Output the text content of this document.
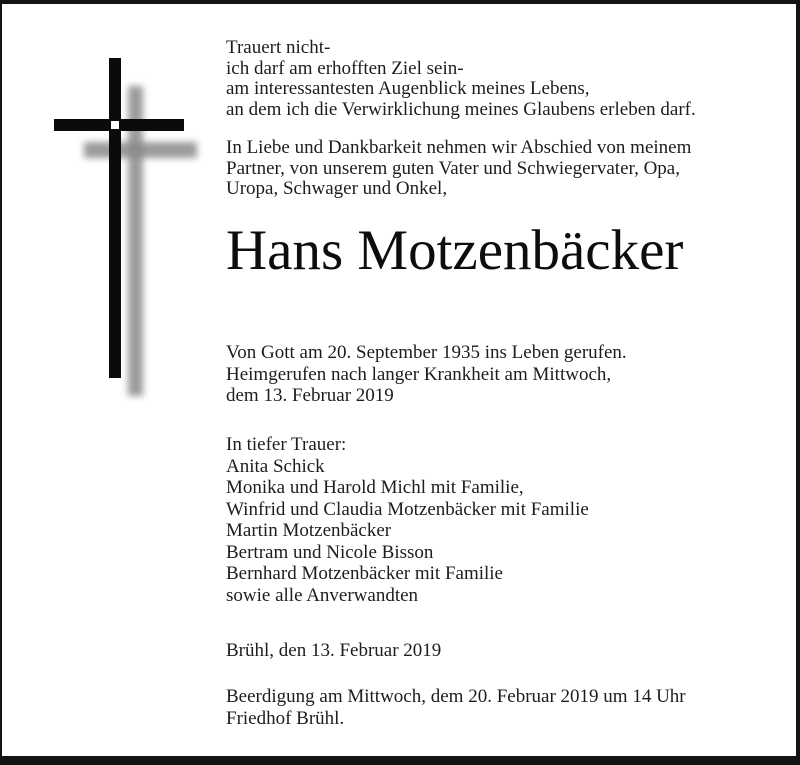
Trauert nicht-
ich darf am erhofften Ziel sein-
am interessantesten Augenblick meines Lebens,
an dem ich die Verwirklichung meines Glaubens erleben darf.
In Liebe und Dankbarkeit nehmen wir Abschied von meinem
Partner, von unserem guten Vater und Schwiegervater, Opa,
Uropa, Schwager und Onkel,
Hans Motzenbäcker
Von Gott am 20. September 1935 ins Leben gerufen.
Heimgerufen nach langer Krankheit am Mittwoch,
dem 13. Februar 2019
In tiefer Trauer:
Anita Schick
Monika und Harold Michl mit Familie,
Winfrid und Claudia Motzenbäcker mit Familie
Martin Motzenbäcker
Bertram und Nicole Bisson
Bernhard Motzenbäcker mit Familie
sowie alle Anverwandten
Brühl, den 13. Februar 2019
Beerdigung am Mittwoch, dem 20. Februar 2019 um 14 Uhr
Friedhof Brühl.
